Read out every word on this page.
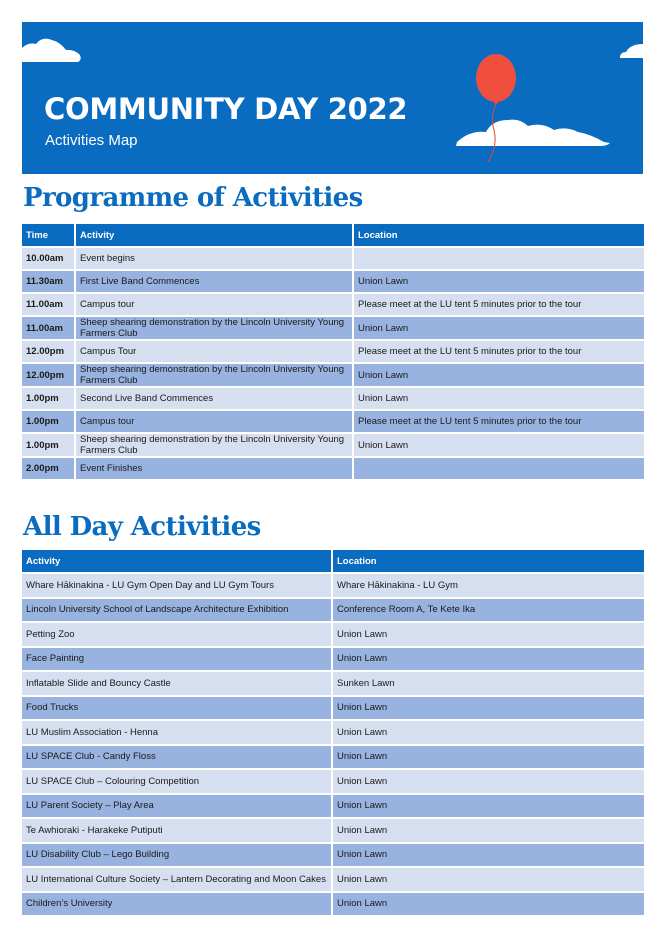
COMMUNITY DAY 2022
Activities Map
Programme of Activities
Time	Activity	Location
10.00am	Event begins	
11.30am	First Live Band Commences	Union Lawn
11.00am	Campus tour	Please meet at the LU tent 5 minutes prior to the tour
11.00am	Sheep shearing demonstration by the Lincoln University Young Farmers Club	Union Lawn
12.00pm	Campus Tour	Please meet at the LU tent 5 minutes prior to the tour
12.00pm	Sheep shearing demonstration by the Lincoln University Young Farmers Club	Union Lawn
1.00pm	Second Live Band Commences	Union Lawn
1.00pm	Campus tour	Please meet at the LU tent 5 minutes prior to the tour
1.00pm	Sheep shearing demonstration by the Lincoln University Young Farmers Club	Union Lawn
2.00pm	Event Finishes	
All Day Activities
Activity	Location
Whare Hākinakina - LU Gym Open Day and LU Gym Tours	Whare Hākinakina - LU Gym
Lincoln University School of Landscape Architecture Exhibition	Conference Room A, Te Kete Ika
Petting Zoo	Union Lawn
Face Painting	Union Lawn
Inflatable Slide and Bouncy Castle	Sunken Lawn
Food Trucks	Union Lawn
LU Muslim Association - Henna	Union Lawn
LU SPACE Club - Candy Floss	Union Lawn
LU SPACE Club – Colouring Competition	Union Lawn
LU Parent Society – Play Area	Union Lawn
Te Awhioraki - Harakeke Putiputi	Union Lawn
LU Disability Club – Lego Building	Union Lawn
LU International Culture Society – Lantern Decorating and Moon Cakes	Union Lawn
Children’s University	Union Lawn
